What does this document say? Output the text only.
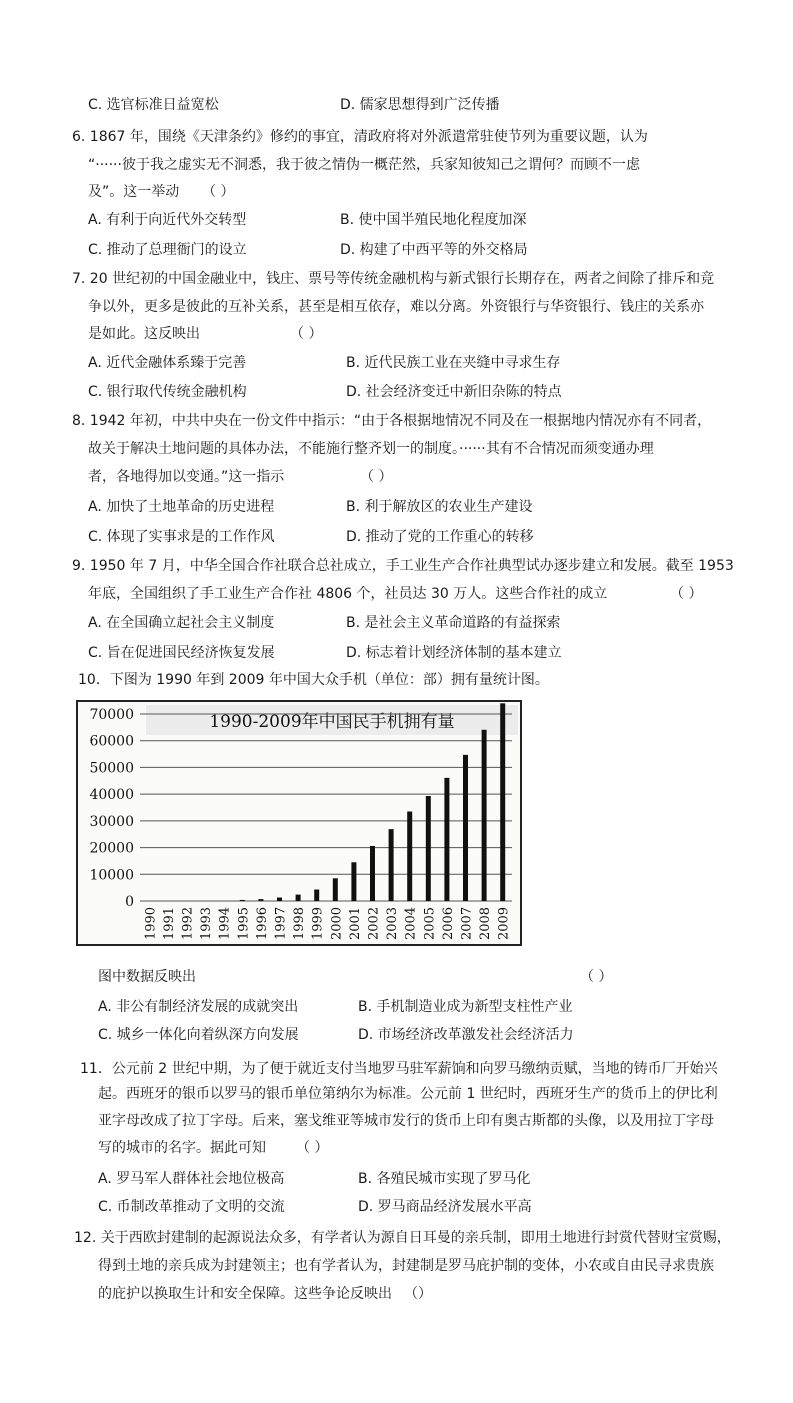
C. 选官标准日益宽松	D. 儒家思想得到广泛传播
6. 1867 年，围绕《天津条约》修约的事宜，清政府将对外派遣常驻使节列为重要议题，认为
“······彼于我之虚实无不洞悉，我于彼之情伪一概茫然，兵家知彼知己之谓何？而顾不一虑
及”。这一举动 （ ）
A. 有利于向近代外交转型	B. 使中国半殖民地化程度加深
C. 推动了总理衙门的设立	D. 构建了中西平等的外交格局
7. 20 世纪初的中国金融业中，钱庄、票号等传统金融机构与新式银行长期存在，两者之间除了排斥和竞
争以外，更多是彼此的互补关系，甚至是相互依存，难以分离。外资银行与华资银行、钱庄的关系亦
是如此。这反映出	（ ）
A. 近代金融体系臻于完善	B. 近代民族工业在夹缝中寻求生存
C. 银行取代传统金融机构	D. 社会经济变迁中新旧杂陈的特点
8. 1942 年初，中共中央在一份文件中指示：“由于各根据地情况不同及在一根据地内情况亦有不同者，
故关于解决土地问题的具体办法，不能施行整齐划一的制度。······其有不合情况而须变通办理
者，各地得加以变通。”这一指示	（ ）
A. 加快了土地革命的历史进程	B. 利于解放区的农业生产建设
C. 体现了实事求是的工作作风	D. 推动了党的工作重心的转移
9. 1950 年 7 月，中华全国合作社联合总社成立，手工业生产合作社典型试办逐步建立和发展。截至 1953
年底，全国组织了手工业生产合作社 4806 个，社员达 30 万人。这些合作社的成立	（ ）
A. 在全国确立起社会主义制度	B. 是社会主义革命道路的有益探索
C. 旨在促进国民经济恢复发展	D. 标志着计划经济体制的基本建立
10．下图为 1990 年到 2009 年中国大众手机（单位：部）拥有量统计图。
1990-2009年中国民手机拥有量
70000
60000
50000
40000
30000
20000
10000
0
1990 1991 1992 1993 1994 1995 1996 1997 1998 1999 2000 2001 2002 2003 2004 2005 2006 2007 2008 2009
图中数据反映出	（ ）
A. 非公有制经济发展的成就突出	B. 手机制造业成为新型支柱性产业
C. 城乡一体化向着纵深方向发展	D. 市场经济改革激发社会经济活力
11．公元前 2 世纪中期，为了便于就近支付当地罗马驻军薪饷和向罗马缴纳贡赋，当地的铸币厂开始兴
起。西班牙的银币以罗马的银币单位第纳尔为标准。公元前 1 世纪时，西班牙生产的货币上的伊比利
亚字母改成了拉丁字母。后来，塞戈维亚等城市发行的货币上印有奥古斯都的头像，以及用拉丁字母
写的城市的名字。据此可知 （ ）
A. 罗马军人群体社会地位极高	B. 各殖民城市实现了罗马化
C. 币制改革推动了文明的交流	D. 罗马商品经济发展水平高
12. 关于西欧封建制的起源说法众多，有学者认为源自日耳曼的亲兵制，即用土地进行封赏代替财宝赏赐，
得到土地的亲兵成为封建领主；也有学者认为，封建制是罗马庇护制的变体，小农或自由民寻求贵族
的庇护以换取生计和安全保障。这些争论反映出 （）
